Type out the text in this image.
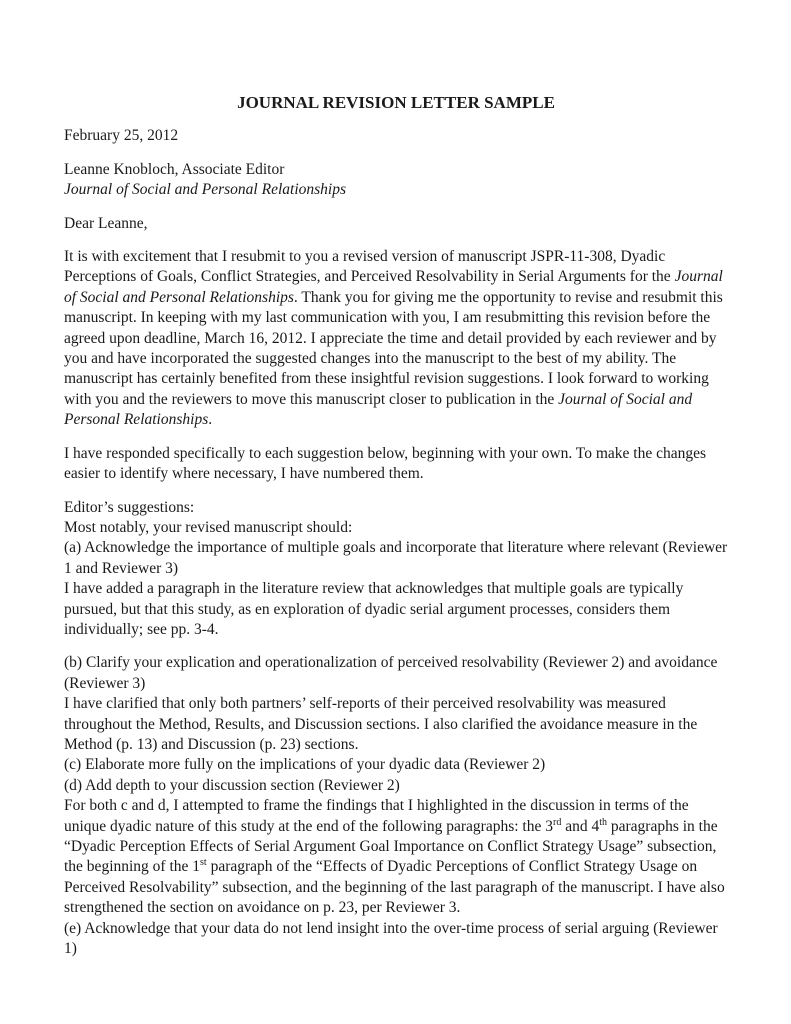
JOURNAL REVISION LETTER SAMPLE
February 25, 2012

Leanne Knobloch, Associate Editor

Journal of Social and Personal Relationships

Dear Leanne,

It is with excitement that I resubmit to you a revised version of manuscript JSPR-11-308, Dyadic Perceptions of Goals, Conflict Strategies, and Perceived Resolvability in Serial Arguments for the Journal of Social and Personal Relationships. Thank you for giving me the opportunity to revise and resubmit this manuscript. In keeping with my last communication with you, I am resubmitting this revision before the agreed upon deadline, March 16, 2012. I appreciate the time and detail provided by each reviewer and by you and have incorporated the suggested changes into the manuscript to the best of my ability. The manuscript has certainly benefited from these insightful revision suggestions. I look forward to working with you and the reviewers to move this manuscript closer to publication in the Journal of Social and Personal Relationships.

I have responded specifically to each suggestion below, beginning with your own. To make the changes easier to identify where necessary, I have numbered them.

Editor’s suggestions:

Most notably, your revised manuscript should:

(a) Acknowledge the importance of multiple goals and incorporate that literature where relevant (Reviewer 1 and Reviewer 3)

I have added a paragraph in the literature review that acknowledges that multiple goals are typically pursued, but that this study, as en exploration of dyadic serial argument processes, considers them individually; see pp. 3-4.

(b) Clarify your explication and operationalization of perceived resolvability (Reviewer 2) and avoidance (Reviewer 3)

I have clarified that only both partners’ self-reports of their perceived resolvability was measured throughout the Method, Results, and Discussion sections. I also clarified the avoidance measure in the Method (p. 13) and Discussion (p. 23) sections.

(c) Elaborate more fully on the implications of your dyadic data (Reviewer 2)

(d) Add depth to your discussion section (Reviewer 2)

For both c and d, I attempted to frame the findings that I highlighted in the discussion in terms of the unique dyadic nature of this study at the end of the following paragraphs: the 3rd and 4th paragraphs in the “Dyadic Perception Effects of Serial Argument Goal Importance on Conflict Strategy Usage” subsection, the beginning of the 1st paragraph of the “Effects of Dyadic Perceptions of Conflict Strategy Usage on Perceived Resolvability” subsection, and the beginning of the last paragraph of the manuscript. I have also strengthened the section on avoidance on p. 23, per Reviewer 3.

(e) Acknowledge that your data do not lend insight into the over-time process of serial arguing (Reviewer 1)
